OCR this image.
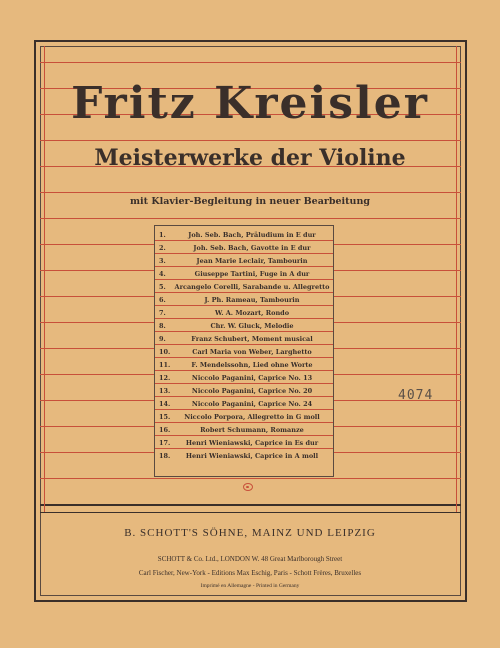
Fritz Kreisler
Meisterwerke der Violine
mit Klavier-Begleitung in neuer Bearbeitung
1.	Joh. Seb. Bach, Präludium in E dur
2.	Joh. Seb. Bach, Gavotte in E dur
3.	Jean Marie Leclair, Tambourin
4.	Giuseppe Tartini, Fuge in A dur
5.	Arcangelo Corelli, Sarabande u. Allegretto
6.	J. Ph. Rameau, Tambourin
7.	W. A. Mozart, Rondo
8.	Chr. W. Gluck, Melodie
9.	Franz Schubert, Moment musical
10.	Carl Maria von Weber, Larghetto
11.	F. Mendelssohn, Lied ohne Worte
12.	Niccolo Paganini, Caprice No. 13
13.	Niccolo Paganini, Caprice No. 20
14.	Niccolo Paganini, Caprice No. 24
15.	Niccolo Porpora, Allegretto in G moll
16.	Robert Schumann, Romanze
17.	Henri Wieniawski, Caprice in Es dur
18.	Henri Wieniawski, Caprice in A moll
4074
B. SCHOTT'S SÖHNE, MAINZ UND LEIPZIG
SCHOTT & Co. Ltd., LONDON W. 48 Great Marlborough Street
Carl Fischer, New-York - Editions Max Eschig, Paris - Schott Frères, Bruxelles
Imprimé en Allemagne - Printed in Germany
